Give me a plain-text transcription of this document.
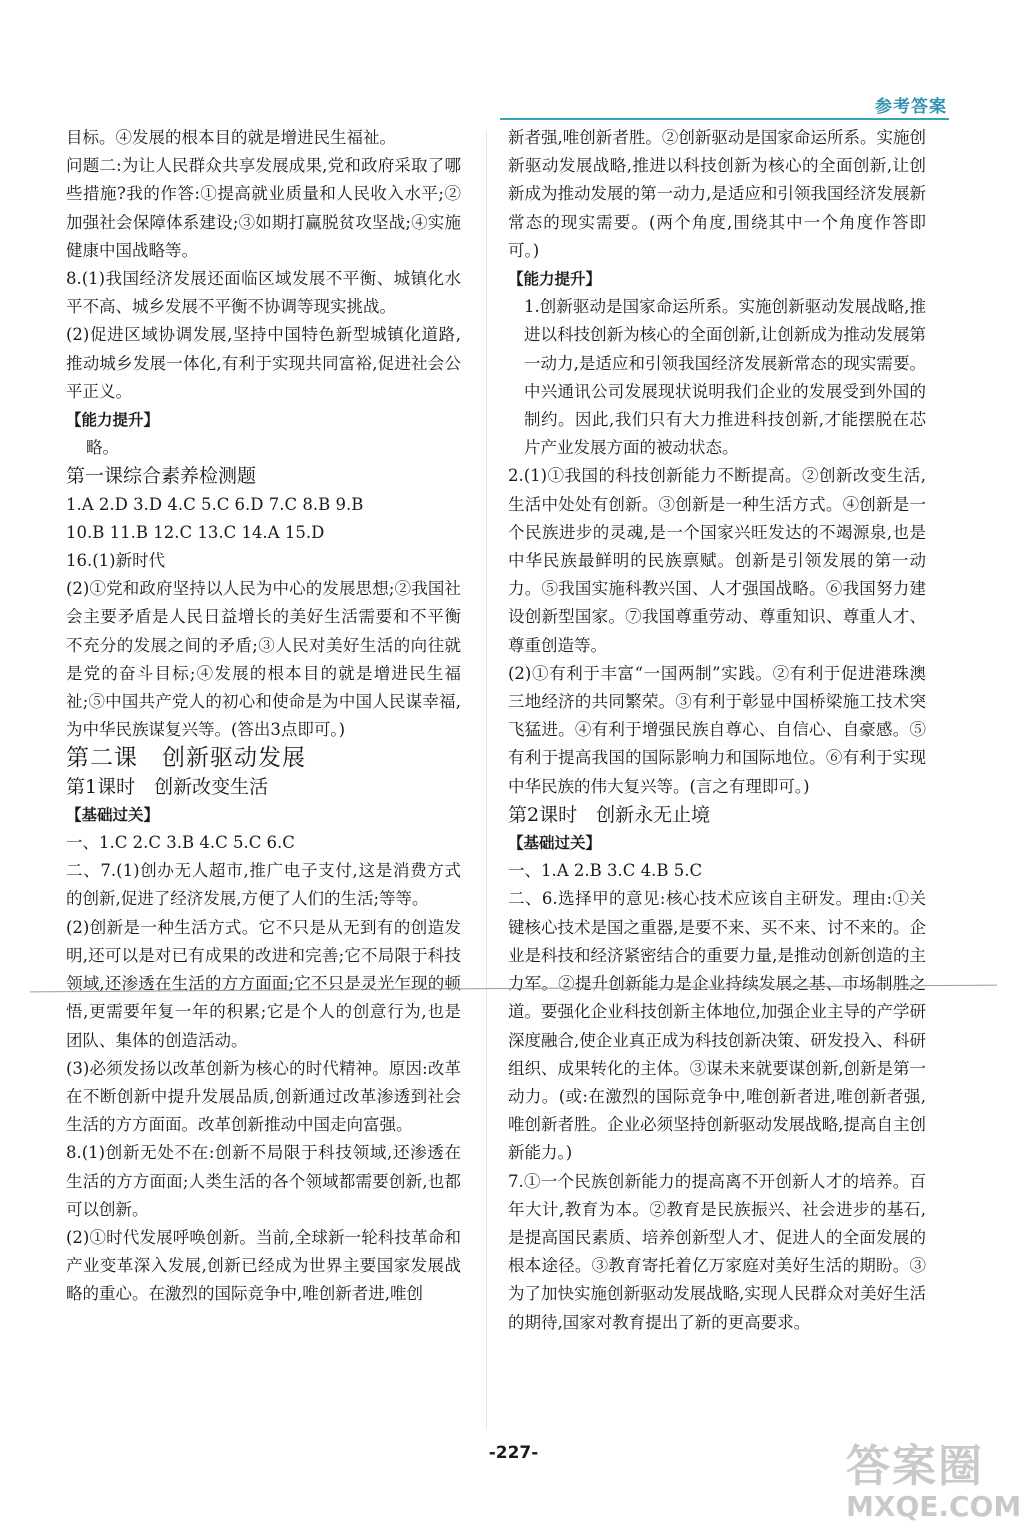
参考答案

目标。④发展的根本目的就是增进民生福祉。

问题二:为让人民群众共享发展成果,党和政府采取了哪些措施?我的作答:①提高就业质量和人民收入水平;②加强社会保障体系建设;③如期打赢脱贫攻坚战;④实施健康中国战略等。

8.(1)我国经济发展还面临区域发展不平衡、城镇化水平不高、城乡发展不平衡不协调等现实挑战。

(2)促进区域协调发展,坚持中国特色新型城镇化道路,推动城乡发展一体化,有利于实现共同富裕,促进社会公平正义。

【能力提升】

略。

第一课综合素养检测题

1.A 2.D 3.D 4.C 5.C 6.D 7.C 8.B 9.B

10.B 11.B 12.C 13.C 14.A 15.D

16.(1)新时代

(2)①党和政府坚持以人民为中心的发展思想;②我国社会主要矛盾是人民日益增长的美好生活需要和不平衡不充分的发展之间的矛盾;③人民对美好生活的向往就是党的奋斗目标;④发展的根本目的就是增进民生福祉;⑤中国共产党人的初心和使命是为中国人民谋幸福,为中华民族谋复兴等。(答出3点即可。)

第二课　创新驱动发展

第1课时　创新改变生活

【基础过关】

一、1.C 2.C 3.B 4.C 5.C 6.C

二、7.(1)创办无人超市,推广电子支付,这是消费方式的创新,促进了经济发展,方便了人们的生活;等等。

(2)创新是一种生活方式。它不只是从无到有的创造发明,还可以是对已有成果的改进和完善;它不局限于科技领域,还渗透在生活的方方面面;它不只是灵光乍现的顿悟,更需要年复一年的积累;它是个人的创意行为,也是团队、集体的创造活动。

(3)必须发扬以改革创新为核心的时代精神。原因:改革在不断创新中提升发展品质,创新通过改革渗透到社会生活的方方面面。改革创新推动中国走向富强。

8.(1)创新无处不在:创新不局限于科技领域,还渗透在生活的方方面面;人类生活的各个领域都需要创新,也都可以创新。

(2)①时代发展呼唤创新。当前,全球新一轮科技革命和产业变革深入发展,创新已经成为世界主要国家发展战略的重心。在激烈的国际竞争中,唯创新者进,唯创

新者强,唯创新者胜。②创新驱动是国家命运所系。实施创新驱动发展战略,推进以科技创新为核心的全面创新,让创新成为推动发展的第一动力,是适应和引领我国经济发展新常态的现实需要。(两个角度,围绕其中一个角度作答即可。)

【能力提升】

1.创新驱动是国家命运所系。实施创新驱动发展战略,推进以科技创新为核心的全面创新,让创新成为推动发展第一动力,是适应和引领我国经济发展新常态的现实需要。中兴通讯公司发展现状说明我们企业的发展受到外国的制约。因此,我们只有大力推进科技创新,才能摆脱在芯片产业发展方面的被动状态。

2.(1)①我国的科技创新能力不断提高。②创新改变生活,生活中处处有创新。③创新是一种生活方式。④创新是一个民族进步的灵魂,是一个国家兴旺发达的不竭源泉,也是中华民族最鲜明的民族禀赋。创新是引领发展的第一动力。⑤我国实施科教兴国、人才强国战略。⑥我国努力建设创新型国家。⑦我国尊重劳动、尊重知识、尊重人才、尊重创造等。

(2)①有利于丰富“一国两制”实践。②有利于促进港珠澳三地经济的共同繁荣。③有利于彰显中国桥梁施工技术突飞猛进。④有利于增强民族自尊心、自信心、自豪感。⑤有利于提高我国的国际影响力和国际地位。⑥有利于实现中华民族的伟大复兴等。(言之有理即可。)

第2课时　创新永无止境

【基础过关】

一、1.A 2.B 3.C 4.B 5.C

二、6.选择甲的意见:核心技术应该自主研发。理由:①关键核心技术是国之重器,是要不来、买不来、讨不来的。企业是科技和经济紧密结合的重要力量,是推动创新创造的主力军。②提升创新能力是企业持续发展之基、市场制胜之道。要强化企业科技创新主体地位,加强企业主导的产学研深度融合,使企业真正成为科技创新决策、研发投入、科研组织、成果转化的主体。③谋未来就要谋创新,创新是第一动力。(或:在激烈的国际竞争中,唯创新者进,唯创新者强,唯创新者胜。企业必须坚持创新驱动发展战略,提高自主创新能力。)

7.①一个民族创新能力的提高离不开创新人才的培养。百年大计,教育为本。②教育是民族振兴、社会进步的基石,是提高国民素质、培养创新型人才、促进人的全面发展的根本途径。③教育寄托着亿万家庭对美好生活的期盼。③为了加快实施创新驱动发展战略,实现人民群众对美好生活的期待,国家对教育提出了新的更高要求。

-227-	答案圈
MXQE.COM
